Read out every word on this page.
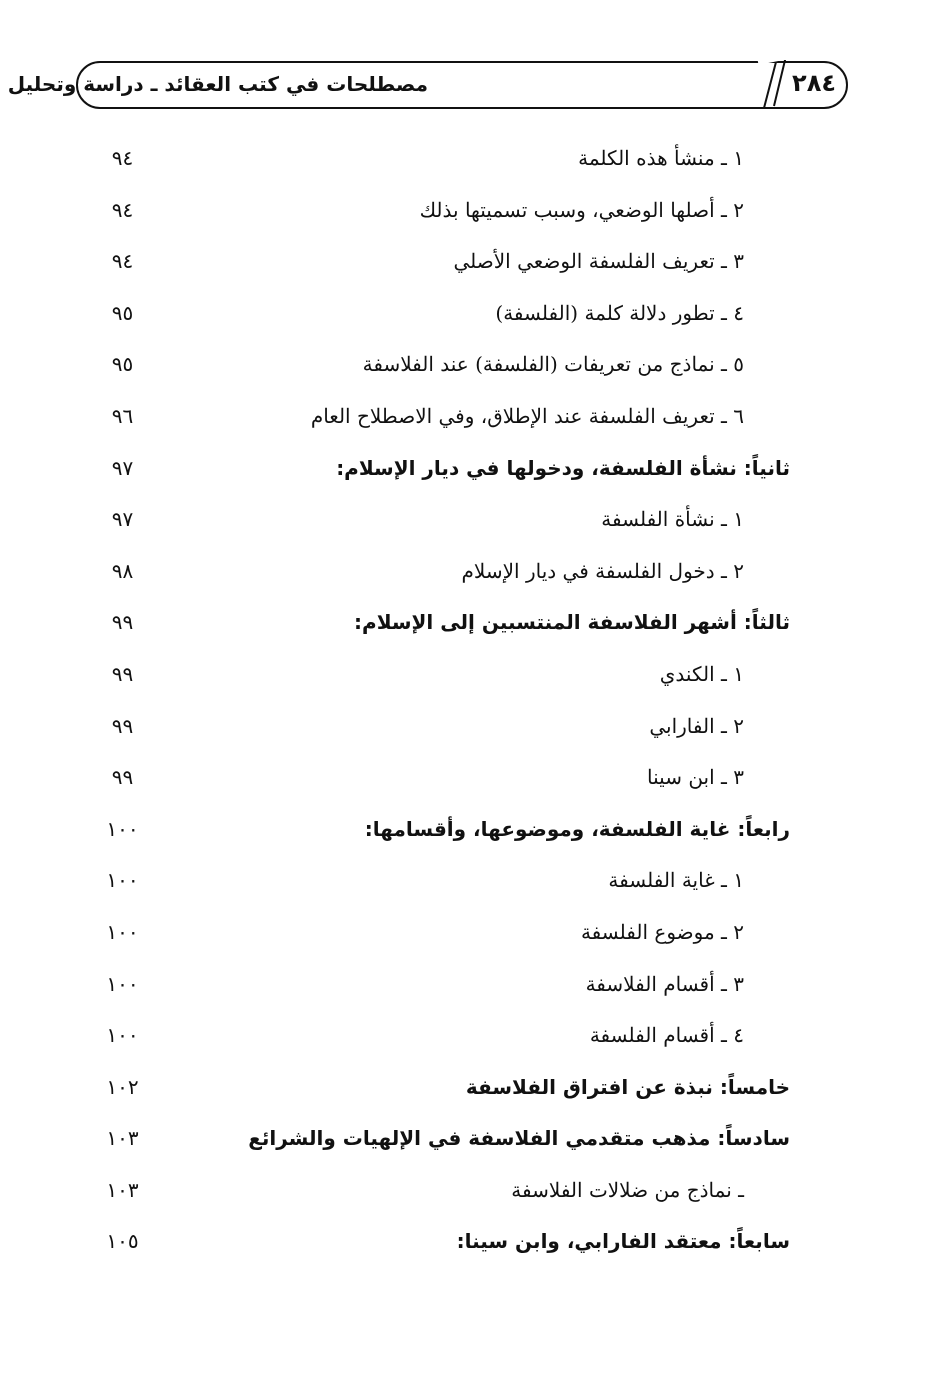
مصطلحات في كتب العقائد ـ دراسة وتحليل	٢٨٤
١ ـ منشأ هذه الكلمة
٩٤
٢ ـ أصلها الوضعي، وسبب تسميتها بذلك
٩٤
٣ ـ تعريف الفلسفة الوضعي الأصلي
٩٤
٤ ـ تطور دلالة كلمة (الفلسفة)
٩٥
٥ ـ نماذج من تعريفات (الفلسفة) عند الفلاسفة
٩٥
٦ ـ تعريف الفلسفة عند الإطلاق، وفي الاصطلاح العام
٩٦
ثانياً: نشأة الفلسفة، ودخولها في ديار الإسلام:
٩٧
١ ـ نشأة الفلسفة
٩٧
٢ ـ دخول الفلسفة في ديار الإسلام
٩٨
ثالثاً: أشهر الفلاسفة المنتسبين إلى الإسلام:
٩٩
١ ـ الكندي
٩٩
٢ ـ الفارابي
٩٩
٣ ـ ابن سينا
٩٩
رابعاً: غاية الفلسفة، وموضوعها، وأقسامها:
١٠٠
١ ـ غاية الفلسفة
١٠٠
٢ ـ موضوع الفلسفة
١٠٠
٣ ـ أقسام الفلاسفة
١٠٠
٤ ـ أقسام الفلسفة
١٠٠
خامساً: نبذة عن افتراق الفلاسفة
١٠٢
سادساً: مذهب متقدمي الفلاسفة في الإلهيات والشرائع
١٠٣
ـ نماذج من ضلالات الفلاسفة
١٠٣
سابعاً: معتقد الفارابي، وابن سينا:
١٠٥
